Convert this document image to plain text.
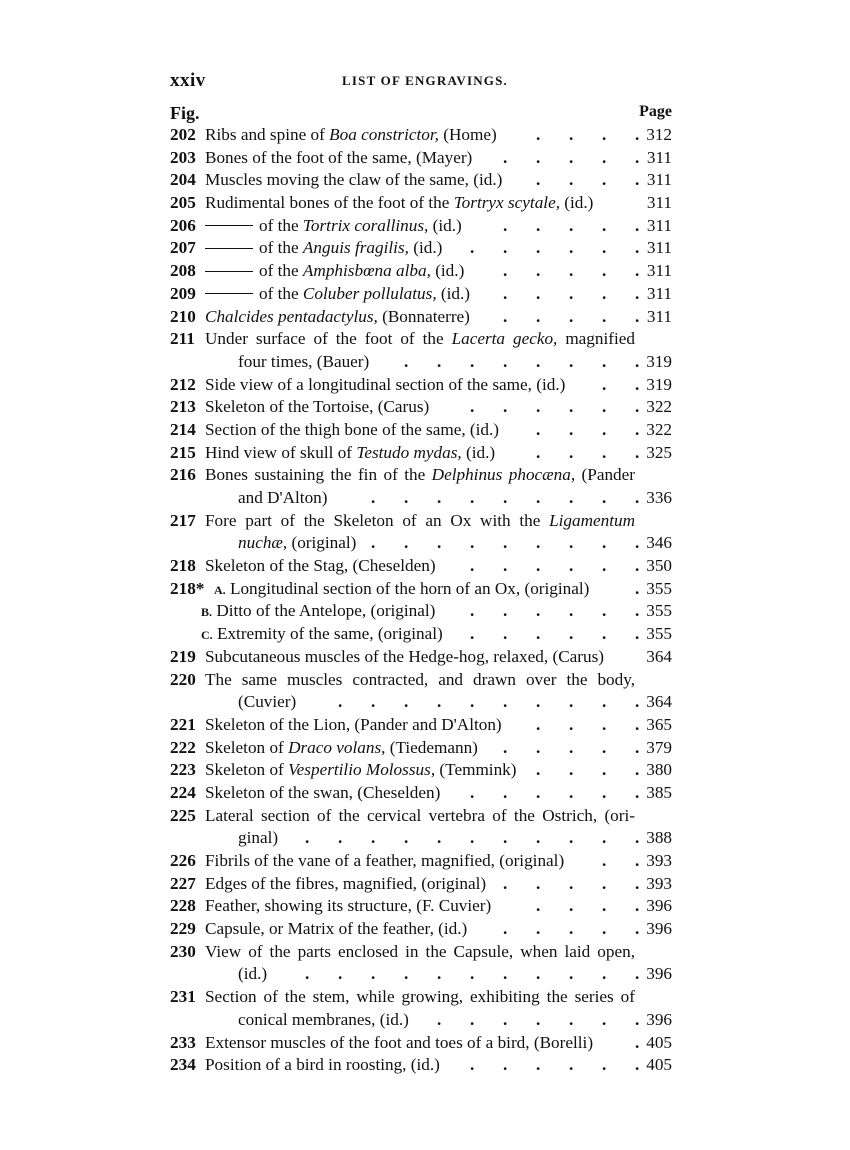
xxiv	LIST OF ENGRAVINGS.
Fig.	Page
202 Ribs and spine of Boa constrictor, (Home)	312
.
.
.
.
203 Bones of the foot of the same, (Mayer)	311
.
.
.
.
.
204 Muscles moving the claw of the same, (id.)	311
.
.
.
.
205 Rudimental bones of the foot of the Tortryx scytale, (id.)	311
206	of the Tortrix corallinus, (id.)	311
.
.
.
.
.
207	of the Anguis fragilis, (id.)	311
.
.
.
.
.
.
208	of the Amphisbœna alba, (id.)	311
.
.
.
.
.
209	of the Coluber pollulatus, (id.)	311
.
.
.
.
.
210 Chalcides pentadactylus, (Bonnaterre)	311
.
.
.
.
.
211 Under surface of the foot of the Lacerta gecko, magnified
four times, (Bauer)	319
.
.
.
.
.
.
.
.
212 Side view of a longitudinal section of the same, (id.)	319
.
.
213 Skeleton of the Tortoise, (Carus)	322
.
.
.
.
.
.
214 Section of the thigh bone of the same, (id.)	322
.
.
.
.
215 Hind view of skull of Testudo mydas, (id.)	325
.
.
.
.
216 Bones sustaining the fin of the Delphinus phocæna, (Pander
and D'Alton)	336
.
.
.
.
.
.
.
.
.
217 Fore part of the Skeleton of an Ox with the Ligamentum
nuchæ, (original)	346
.
.
.
.
.
.
.
.
.
218 Skeleton of the Stag, (Cheselden)	350
.
.
.
.
.
.
218* A. Longitudinal section of the horn of an Ox, (original)	355
.
B. Ditto of the Antelope, (original)	355
.
.
.
.
.
.
C. Extremity of the same, (original)	355
.
.
.
.
.
.
219 Subcutaneous muscles of the Hedge-hog, relaxed, (Carus) 364
220 The same muscles contracted, and drawn over the body,
(Cuvier)	364
.
.
.
.
.
.
.
.
.
.
221 Skeleton of the Lion, (Pander and D'Alton)	365
.
.
.
.
222 Skeleton of Draco volans, (Tiedemann)	379
.
.
.
.
.
223 Skeleton of Vespertilio Molossus, (Temmink)	380
.
.
.
.
224 Skeleton of the swan, (Cheselden)	385
.
.
.
.
.
.
225 Lateral section of the cervical vertebra of the Ostrich, (ori-
ginal)	388
.
.
.
.
.
.
.
.
.
.
.
226 Fibrils of the vane of a feather, magnified, (original)	393
.
.
227 Edges of the fibres, magnified, (original)	393
.
.
.
.
.
228 Feather, showing its structure, (F. Cuvier)	396
.
.
.
.
229 Capsule, or Matrix of the feather, (id.)	396
.
.
.
.
.
230 View of the parts enclosed in the Capsule, when laid open,
(id.)	396
.
.
.
.
.
.
.
.
.
.
.
231 Section of the stem, while growing, exhibiting the series of
conical membranes, (id.)	396
.
.
.
.
.
.
.
233 Extensor muscles of the foot and toes of a bird, (Borelli)	405
.
234 Position of a bird in roosting, (id.)	405
.
.
.
.
.
.
